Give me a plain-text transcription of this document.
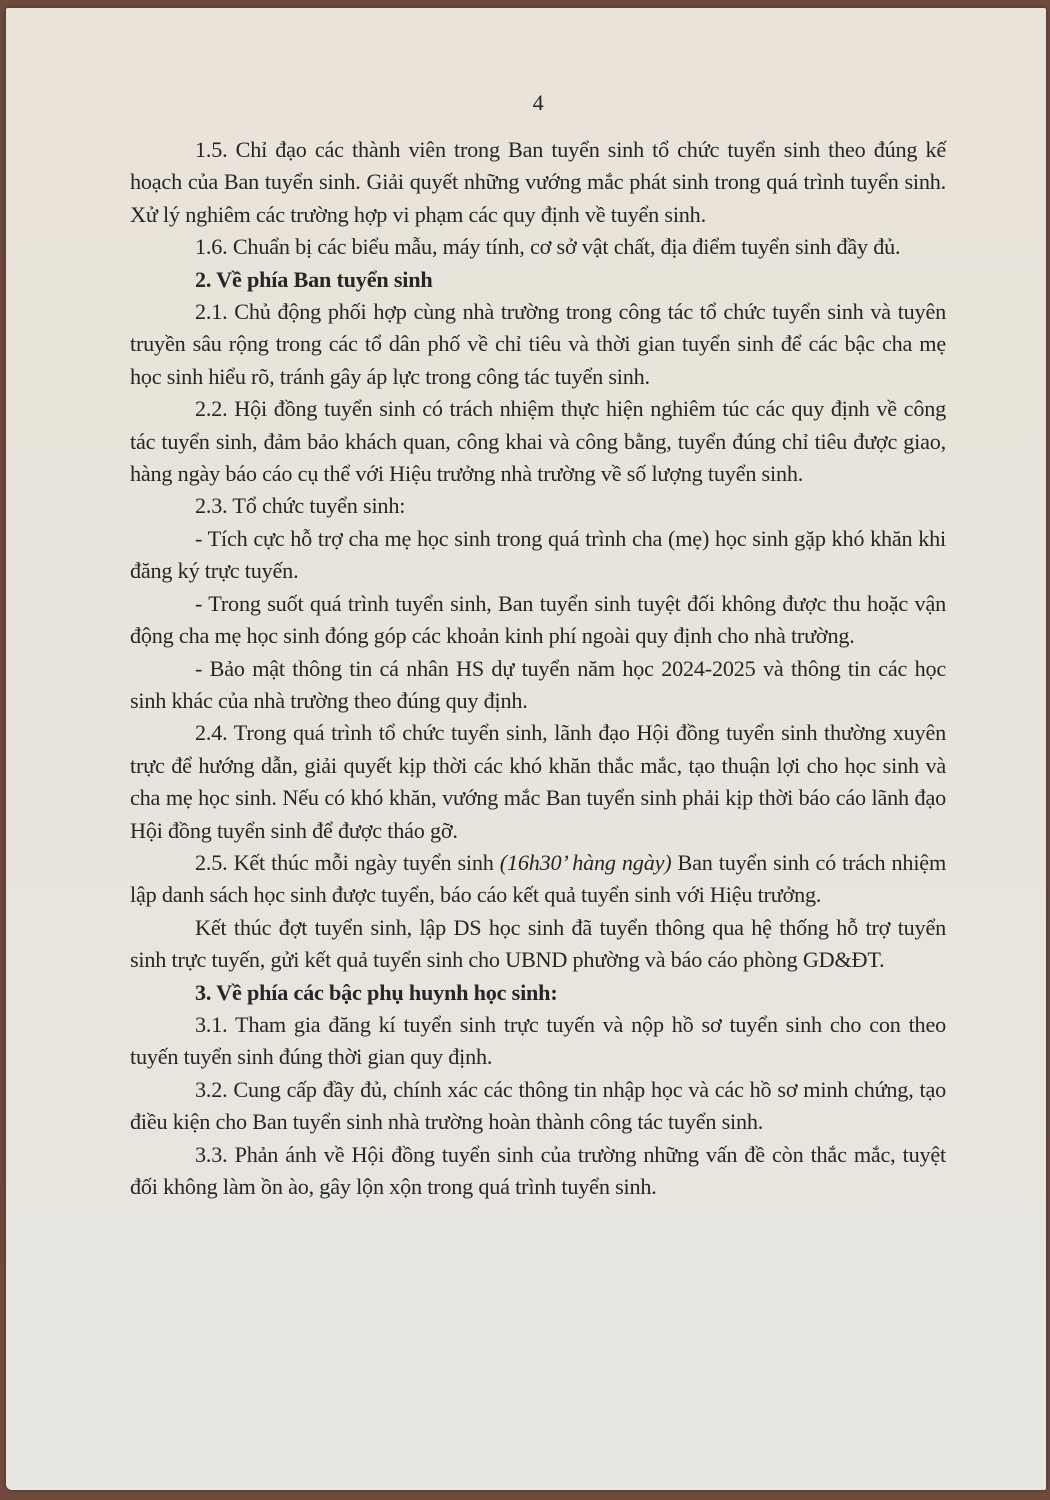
4

1.5. Chỉ đạo các thành viên trong Ban tuyển sinh tổ chức tuyển sinh theo đúng kế hoạch của Ban tuyển sinh. Giải quyết những vướng mắc phát sinh trong quá trình tuyển sinh. Xử lý nghiêm các trường hợp vi phạm các quy định về tuyển sinh.

1.6. Chuẩn bị các biểu mẫu, máy tính, cơ sở vật chất, địa điểm tuyển sinh đầy đủ.

2. Về phía Ban tuyển sinh

2.1. Chủ động phối hợp cùng nhà trường trong công tác tổ chức tuyển sinh và tuyên truyền sâu rộng trong các tổ dân phố về chỉ tiêu và thời gian tuyển sinh để các bậc cha mẹ học sinh hiểu rõ, tránh gây áp lực trong công tác tuyển sinh.

2.2. Hội đồng tuyển sinh có trách nhiệm thực hiện nghiêm túc các quy định về công tác tuyển sinh, đảm bảo khách quan, công khai và công bằng, tuyển đúng chỉ tiêu được giao, hàng ngày báo cáo cụ thể với Hiệu trưởng nhà trường về số lượng tuyển sinh.

2.3. Tổ chức tuyển sinh:

- Tích cực hỗ trợ cha mẹ học sinh trong quá trình cha (mẹ) học sinh gặp khó khăn khi đăng ký trực tuyến.

- Trong suốt quá trình tuyển sinh, Ban tuyển sinh tuyệt đối không được thu hoặc vận động cha mẹ học sinh đóng góp các khoản kinh phí ngoài quy định cho nhà trường.

- Bảo mật thông tin cá nhân HS dự tuyển năm học 2024-2025 và thông tin các học sinh khác của nhà trường theo đúng quy định.

2.4. Trong quá trình tổ chức tuyển sinh, lãnh đạo Hội đồng tuyển sinh thường xuyên trực để hướng dẫn, giải quyết kịp thời các khó khăn thắc mắc, tạo thuận lợi cho học sinh và cha mẹ học sinh. Nếu có khó khăn, vướng mắc Ban tuyển sinh phải kịp thời báo cáo lãnh đạo Hội đồng tuyển sinh để được tháo gỡ.

2.5. Kết thúc mỗi ngày tuyển sinh (16h30’ hàng ngày) Ban tuyển sinh có trách nhiệm lập danh sách học sinh được tuyển, báo cáo kết quả tuyển sinh với Hiệu trưởng.

Kết thúc đợt tuyển sinh, lập DS học sinh đã tuyển thông qua hệ thống hỗ trợ tuyển sinh trực tuyến, gửi kết quả tuyển sinh cho UBND phường và báo cáo phòng GD&ĐT.

3. Về phía các bậc phụ huynh học sinh:

3.1. Tham gia đăng kí tuyển sinh trực tuyến và nộp hồ sơ tuyển sinh cho con theo tuyến tuyển sinh đúng thời gian quy định.

3.2. Cung cấp đầy đủ, chính xác các thông tin nhập học và các hồ sơ minh chứng, tạo điều kiện cho Ban tuyển sinh nhà trường hoàn thành công tác tuyển sinh.

3.3. Phản ánh về Hội đồng tuyển sinh của trường những vấn đề còn thắc mắc, tuyệt đối không làm ồn ào, gây lộn xộn trong quá trình tuyển sinh.
